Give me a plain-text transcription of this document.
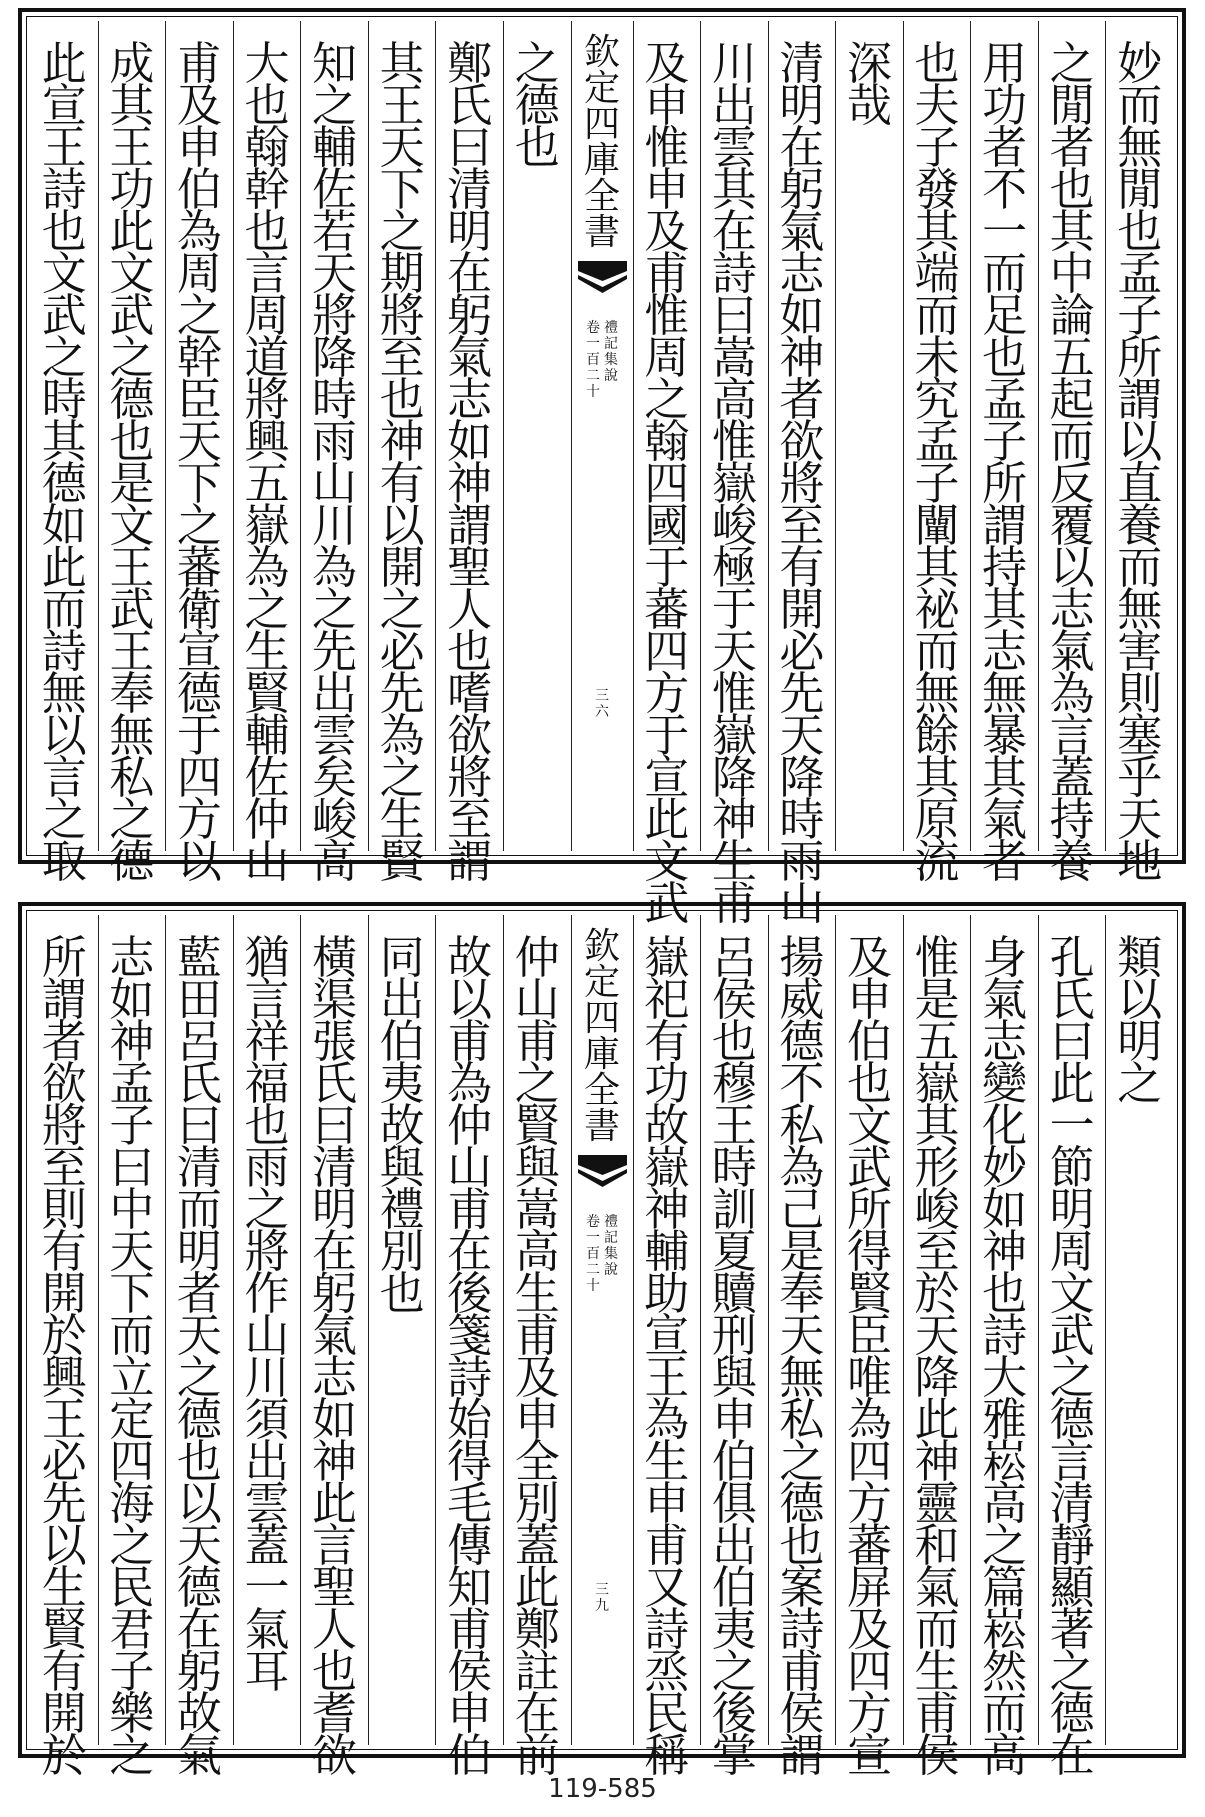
妙
而
無
閒
也
孟
子
所
謂
以
直
養
而
無
害
則
塞
乎
天
地
之
閒
者
也
其
中
論
五
起
而
反
覆
以
志
氣
為
言
蓋
持
養
用
功
者
不
一
而
足
也
孟
子
所
謂
持
其
志
無
暴
其
氣
者
也
夫
子
發
其
端
而
未
究
孟
子
闡
其
祕
而
無
餘
其
原
流
深
哉
清
明
在
躬
氣
志
如
神
者
欲
將
至
有
開
必
先
天
降
時
雨
山
川
出
雲
其
在
詩
曰
嵩
高
惟
嶽
峻
極
于
天
惟
嶽
降
神
生
甫
及
申
惟
申
及
甫
惟
周
之
翰
四
國
于
蕃
四
方
于
宣
此
文
武
欽
定
四
庫
全
書
禮
記
集
說
卷
一
百
二
十
三
六
之
德
也
鄭
氏
曰
清
明
在
躬
氣
志
如
神
謂
聖
人
也
嗜
欲
將
至
謂
其
王
天
下
之
期
將
至
也
神
有
以
開
之
必
先
為
之
生
賢
知
之
輔
佐
若
天
將
降
時
雨
山
川
為
之
先
出
雲
矣
峻
高
大
也
翰
幹
也
言
周
道
將
興
五
嶽
為
之
生
賢
輔
佐
仲
山
甫
及
申
伯
為
周
之
幹
臣
天
下
之
蕃
衛
宣
德
于
四
方
以
成
其
王
功
此
文
武
之
德
也
是
文
王
武
王
奉
無
私
之
德
此
宣
王
詩
也
文
武
之
時
其
德
如
此
而
詩
無
以
言
之
取
類
以
明
之
孔
氏
曰
此
一
節
明
周
文
武
之
德
言
清
靜
顯
著
之
德
在
身
氣
志
變
化
妙
如
神
也
詩
大
雅
崧
高
之
篇
崧
然
而
高
惟
是
五
嶽
其
形
峻
至
於
天
降
此
神
靈
和
氣
而
生
甫
侯
及
申
伯
也
文
武
所
得
賢
臣
唯
為
四
方
蕃
屏
及
四
方
宣
揚
威
德
不
私
為
己
是
奉
天
無
私
之
德
也
案
詩
甫
侯
謂
呂
侯
也
穆
王
時
訓
夏
贖
刑
與
申
伯
俱
出
伯
夷
之
後
掌
嶽
祀
有
功
故
嶽
神
輔
助
宣
王
為
生
申
甫
又
詩
烝
民
稱
欽
定
四
庫
全
書
禮
記
集
說
卷
一
百
二
十
三
九
仲
山
甫
之
賢
與
嵩
高
生
甫
及
申
全
別
蓋
此
鄭
註
在
前
故
以
甫
為
仲
山
甫
在
後
箋
詩
始
得
毛
傳
知
甫
侯
申
伯
同
出
伯
夷
故
與
禮
別
也
橫
渠
張
氏
曰
清
明
在
躬
氣
志
如
神
此
言
聖
人
也
耆
欲
猶
言
祥
福
也
雨
之
將
作
山
川
須
出
雲
蓋
一
氣
耳
藍
田
呂
氏
曰
清
而
明
者
天
之
德
也
以
天
德
在
躬
故
氣
志
如
神
孟
子
曰
中
天
下
而
立
定
四
海
之
民
君
子
樂
之
所
謂
者
欲
將
至
則
有
開
於
興
王
必
先
以
生
賢
有
開
於
119-585
